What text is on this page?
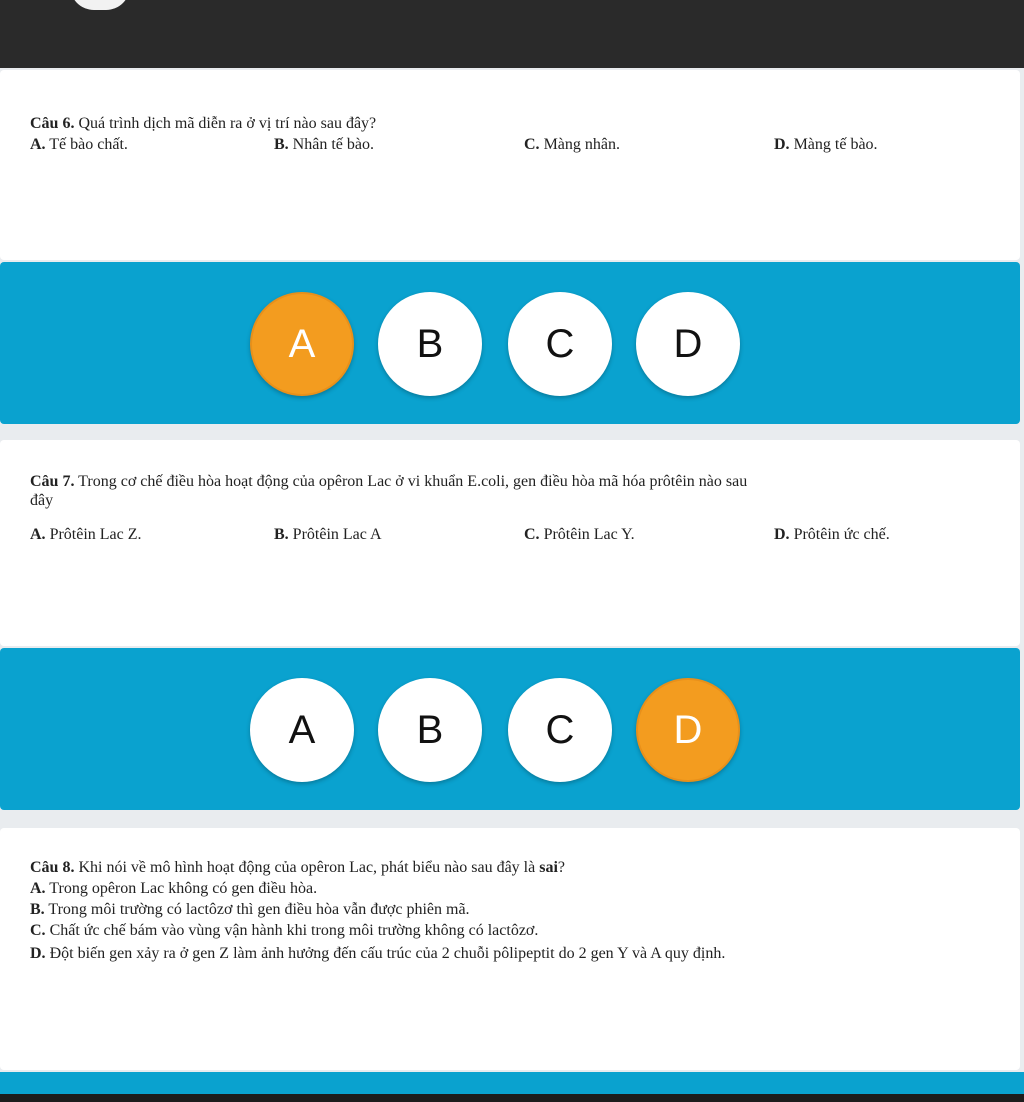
Câu 6. Quá trình dịch mã diễn ra ở vị trí nào sau đây?
A. Tế bào chất.	B. Nhân tế bào.	C. Màng nhân.	D. Màng tế bào.
A	B	C	D
Câu 7. Trong cơ chế điều hòa hoạt động của opêron Lac ở vi khuẩn E.coli, gen điều hòa mã hóa prôtêin nào sau
đây
A. Prôtêin Lac Z.	B. Prôtêin Lac A	C. Prôtêin Lac Y.	D. Prôtêin ức chế.
A	B	C	D
Câu 8. Khi nói về mô hình hoạt động của opêron Lac, phát biểu nào sau đây là sai?
A. Trong opêron Lac không có gen điều hòa.
B. Trong môi trường có lactôzơ thì gen điều hòa vẫn được phiên mã.
C. Chất ức chế bám vào vùng vận hành khi trong môi trường không có lactôzơ.
D. Đột biến gen xảy ra ở gen Z làm ảnh hưởng đến cấu trúc của 2 chuỗi pôlipeptit do 2 gen Y và A quy định.
